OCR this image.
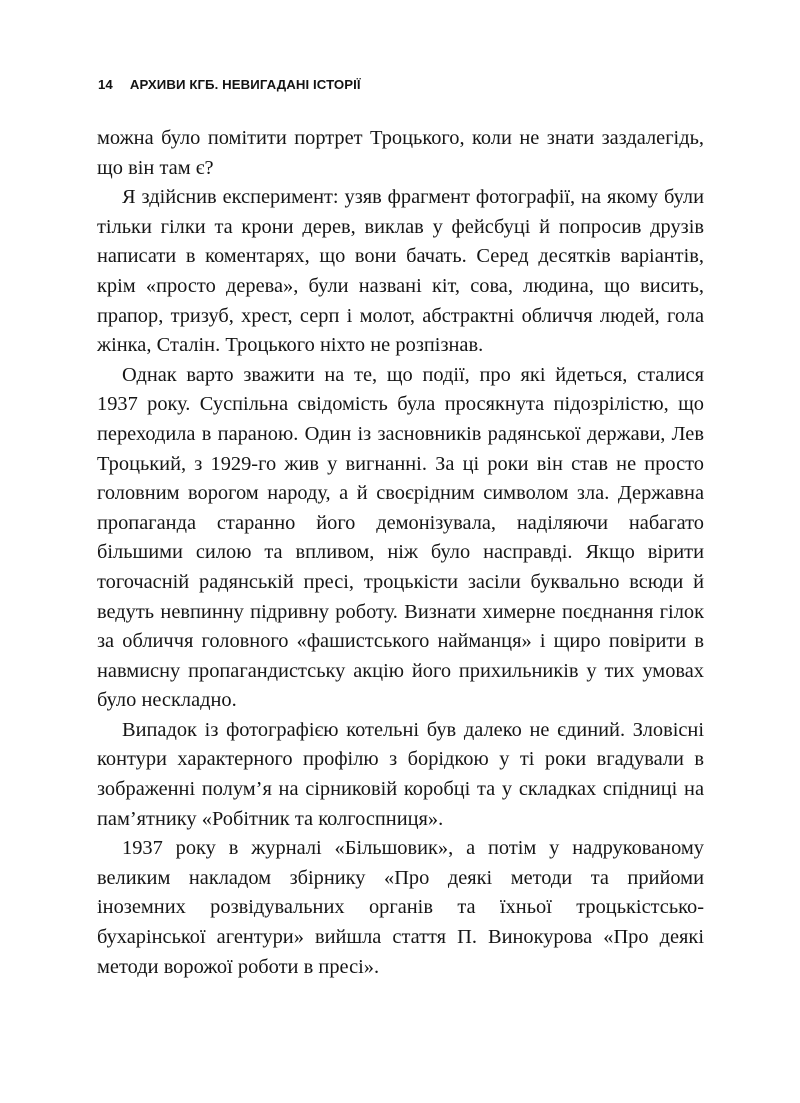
14 АРХИВИ КГБ. НЕВИГАДАНІ ІСТОРІЇ

можна було помітити портрет Троцького, коли не знати заздалегідь, що він там є?

Я здійснив експеримент: узяв фрагмент фотографії, на якому були тільки гілки та крони дерев, виклав у фейсбуці й попросив друзів написати в коментарях, що вони бачать. Серед десятків варіантів, крім «просто дерева», були названі кіт, сова, людина, що висить, прапор, тризуб, хрест, серп і молот, абстрактні обличчя людей, гола жінка, Сталін. Троцького ніхто не розпізнав.

Однак варто зважити на те, що події, про які йдеться, сталися 1937 року. Суспільна свідомість була просякнута підозрілістю, що переходила в параною. Один із засновників радянської держави, Лев Троцький, з 1929-го жив у вигнанні. За ці роки він став не просто головним ворогом народу, а й своєрідним символом зла. Державна пропаганда старанно його демонізувала, наділяючи набагато більшими силою та впливом, ніж було насправді. Якщо вірити тогочасній радянській пресі, троцькісти засіли буквально всюди й ведуть невпинну підривну роботу. Визнати химерне поєднання гілок за обличчя головного «фашистського найманця» і щиро повірити в навмисну пропагандистську акцію його прихильників у тих умовах було нескладно.

Випадок із фотографією котельні був далеко не єдиний. Зловісні контури характерного профілю з борідкою у ті роки вгадували в зображенні полум’я на сірниковій коробці та у складках спідниці на пам’ятнику «Робітник та колгоспниця».

1937 року в журналі «Більшовик», а потім у надрукованому великим накладом збірнику «Про деякі методи та прийоми іноземних розвідувальних органів та їхньої троцькістсько-бухарінської агентури» вийшла стаття П. Винокурова «Про деякі методи ворожої роботи в пресі».
